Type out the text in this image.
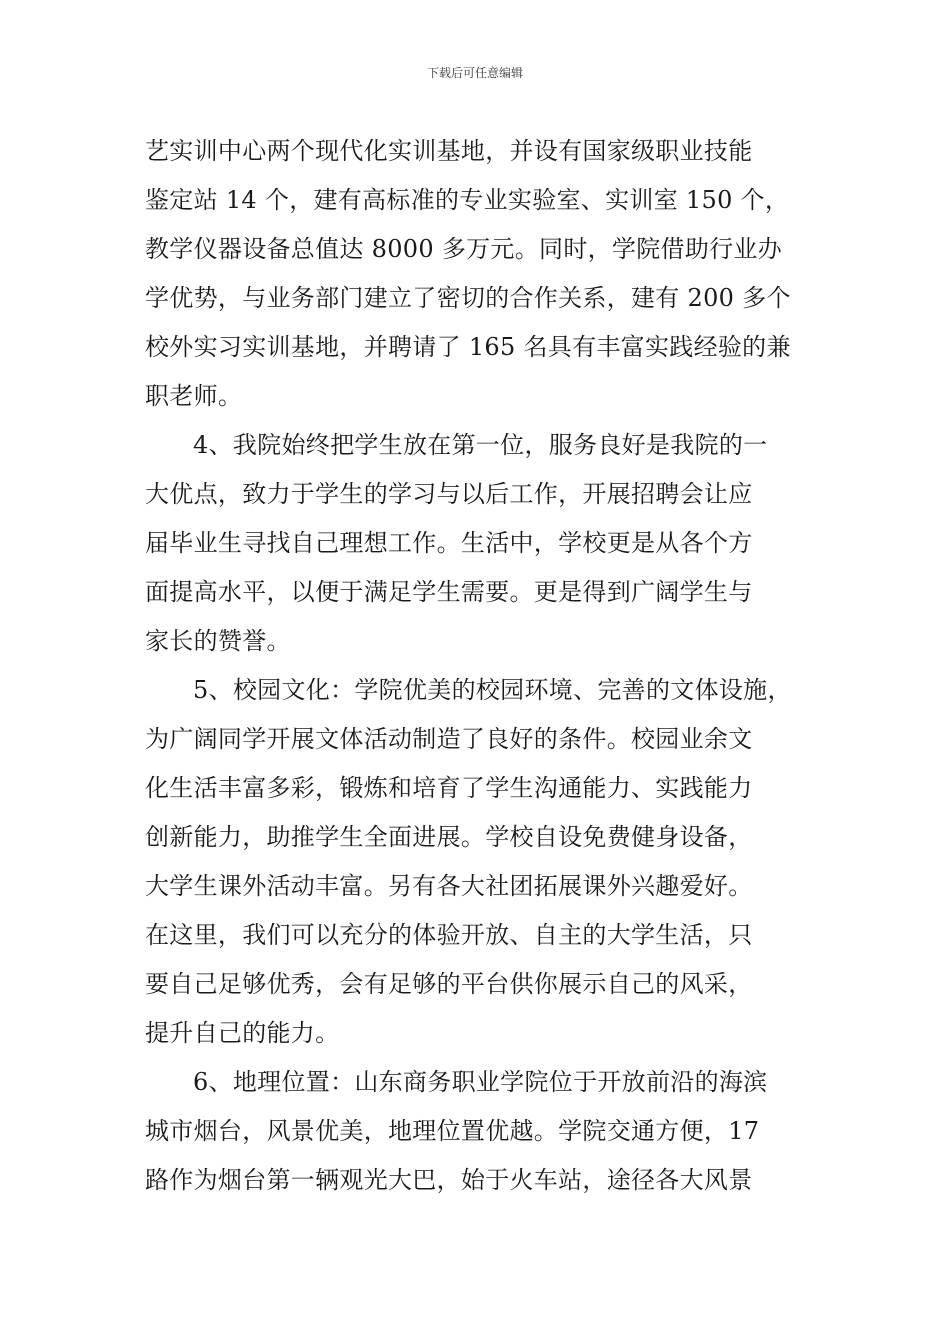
下载后可任意编辑
艺实训中心两个现代化实训基地，并设有国家级职业技能
鉴定站 14 个，建有高标准的专业实验室、实训室 150 个，
教学仪器设备总值达 8000 多万元。同时，学院借助行业办
学优势，与业务部门建立了密切的合作关系，建有 200 多个
校外实习实训基地，并聘请了 165 名具有丰富实践经验的兼
职老师。
4、我院始终把学生放在第一位，服务良好是我院的一
大优点，致力于学生的学习与以后工作，开展招聘会让应
届毕业生寻找自己理想工作。生活中，学校更是从各个方
面提高水平，以便于满足学生需要。更是得到广阔学生与
家长的赞誉。
5、校园文化：学院优美的校园环境、完善的文体设施，
为广阔同学开展文体活动制造了良好的条件。校园业余文
化生活丰富多彩，锻炼和培育了学生沟通能力、实践能力
创新能力，助推学生全面进展。学校自设免费健身设备，
大学生课外活动丰富。另有各大社团拓展课外兴趣爱好。
在这里，我们可以充分的体验开放、自主的大学生活，只
要自己足够优秀，会有足够的平台供你展示自己的风采，
提升自己的能力。
6、地理位置：山东商务职业学院位于开放前沿的海滨
城市烟台，风景优美，地理位置优越。学院交通方便，17
路作为烟台第一辆观光大巴，始于火车站，途径各大风景
